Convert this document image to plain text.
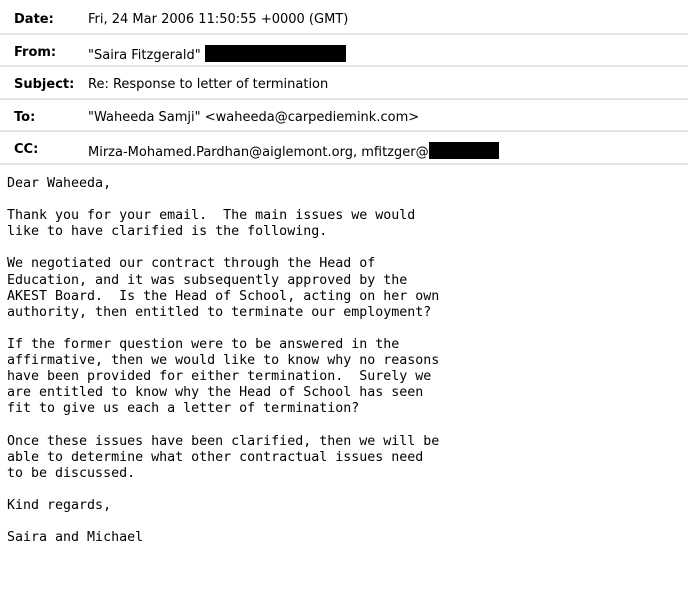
Date:	Fri, 24 Mar 2006 11:50:55 +0000 (GMT)
From: "Saira Fitzgerald"
Subject: Re: Response to letter of termination
To:	"Waheeda Samji" <waheeda@carpediemink.com>
CC:	Mirza-Mohamed.Pardhan@aiglemont.org, mfitzger@
Dear Waheeda,

Thank you for your email.  The main issues we would
like to have clarified is the following.

We negotiated our contract through the Head of
Education, and it was subsequently approved by the
AKEST Board.  Is the Head of School, acting on her own
authority, then entitled to terminate our employment?

If the former question were to be answered in the
affirmative, then we would like to know why no reasons
have been provided for either termination.  Surely we
are entitled to know why the Head of School has seen
fit to give us each a letter of termination?

Once these issues have been clarified, then we will be
able to determine what other contractual issues need
to be discussed.

Kind regards,

Saira and Michael
